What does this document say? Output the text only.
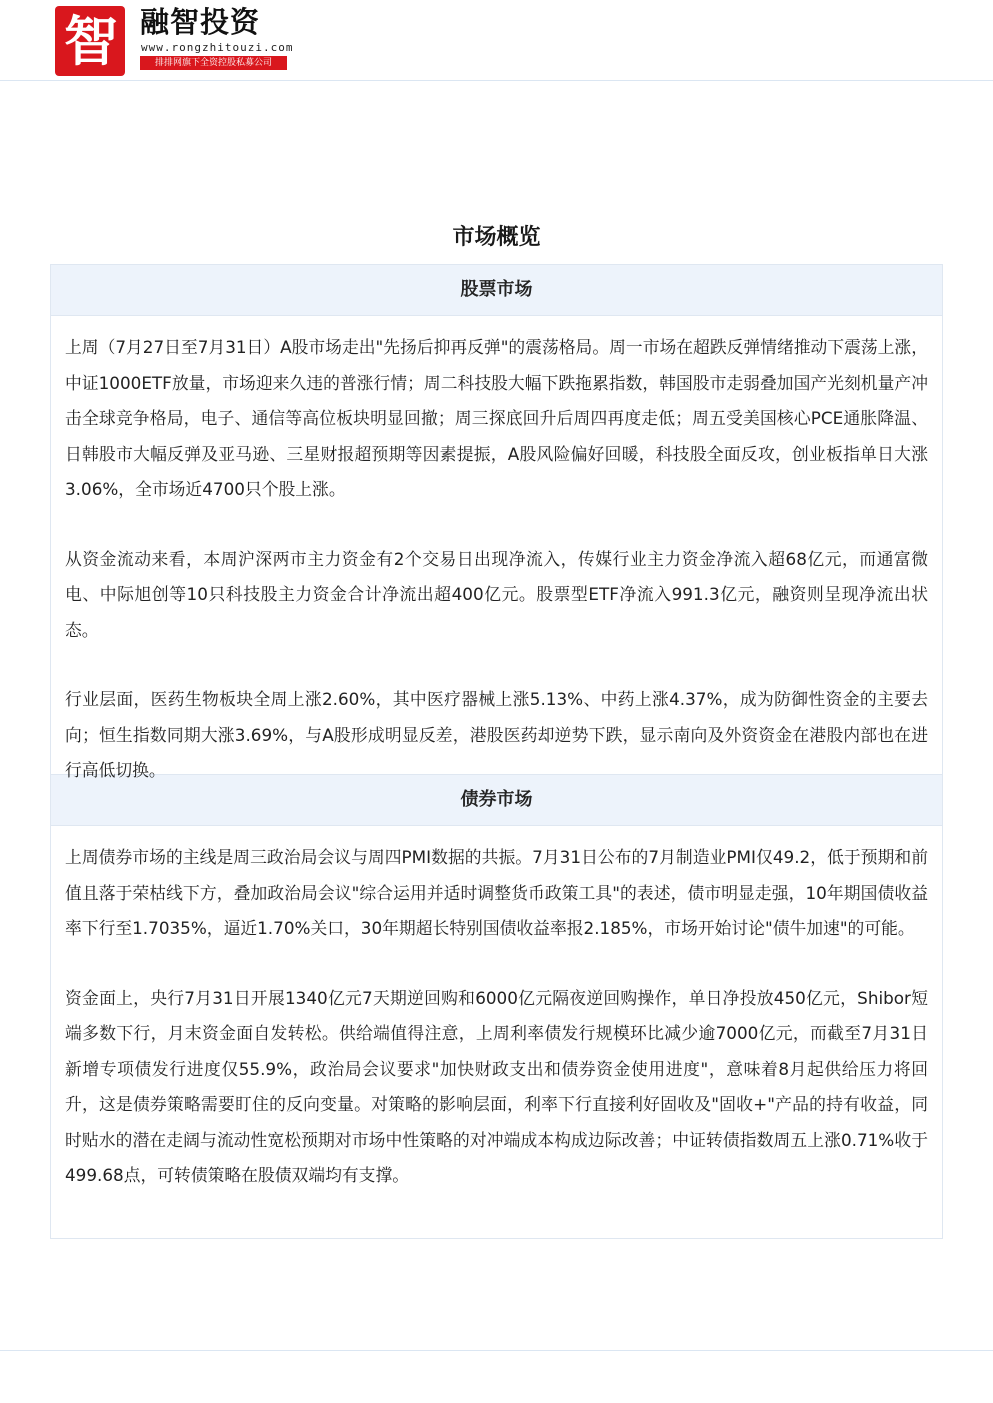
智 融智投资
www.rongzhitouzi.com
排排网旗下全资控股私募公司
市场概览
股票市场

上周（7月27日至7月31日）A股市场走出"先扬后抑再反弹"的震荡格局。周一市场在超跌反弹情绪推动下震荡上涨，中证1000ETF放量，市场迎来久违的普涨行情；周二科技股大幅下跌拖累指数，韩国股市走弱叠加国产光刻机量产冲击全球竞争格局，电子、通信等高位板块明显回撤；周三探底回升后周四再度走低；周五受美国核心PCE通胀降温、日韩股市大幅反弹及亚马逊、三星财报超预期等因素提振，A股风险偏好回暖，科技股全面反攻，创业板指单日大涨3.06%，全市场近4700只个股上涨。

从资金流动来看，本周沪深两市主力资金有2个交易日出现净流入，传媒行业主力资金净流入超68亿元，而通富微电、中际旭创等10只科技股主力资金合计净流出超400亿元。股票型ETF净流入991.3亿元，融资则呈现净流出状态。

行业层面，医药生物板块全周上涨2.60%，其中医疗器械上涨5.13%、中药上涨4.37%，成为防御性资金的主要去向；恒生指数同期大涨3.69%，与A股形成明显反差，港股医药却逆势下跌，显示南向及外资资金在港股内部也在进行高低切换。

债券市场

上周债券市场的主线是周三政治局会议与周四PMI数据的共振。7月31日公布的7月制造业PMI仅49.2，低于预期和前值且落于荣枯线下方，叠加政治局会议"综合运用并适时调整货币政策工具"的表述，债市明显走强，10年期国债收益率下行至1.7035%，逼近1.70%关口，30年期超长特别国债收益率报2.185%，市场开始讨论"债牛加速"的可能。

资金面上，央行7月31日开展1340亿元7天期逆回购和6000亿元隔夜逆回购操作，单日净投放450亿元，Shibor短端多数下行，月末资金面自发转松。供给端值得注意，上周利率债发行规模环比减少逾7000亿元，而截至7月31日新增专项债发行进度仅55.9%，政治局会议要求"加快财政支出和债券资金使用进度"，意味着8月起供给压力将回升，这是债券策略需要盯住的反向变量。对策略的影响层面，利率下行直接利好固收及"固收+"产品的持有收益，同时贴水的潜在走阔与流动性宽松预期对市场中性策略的对冲端成本构成边际改善；中证转债指数周五上涨0.71%收于499.68点，可转债策略在股债双端均有支撑。
